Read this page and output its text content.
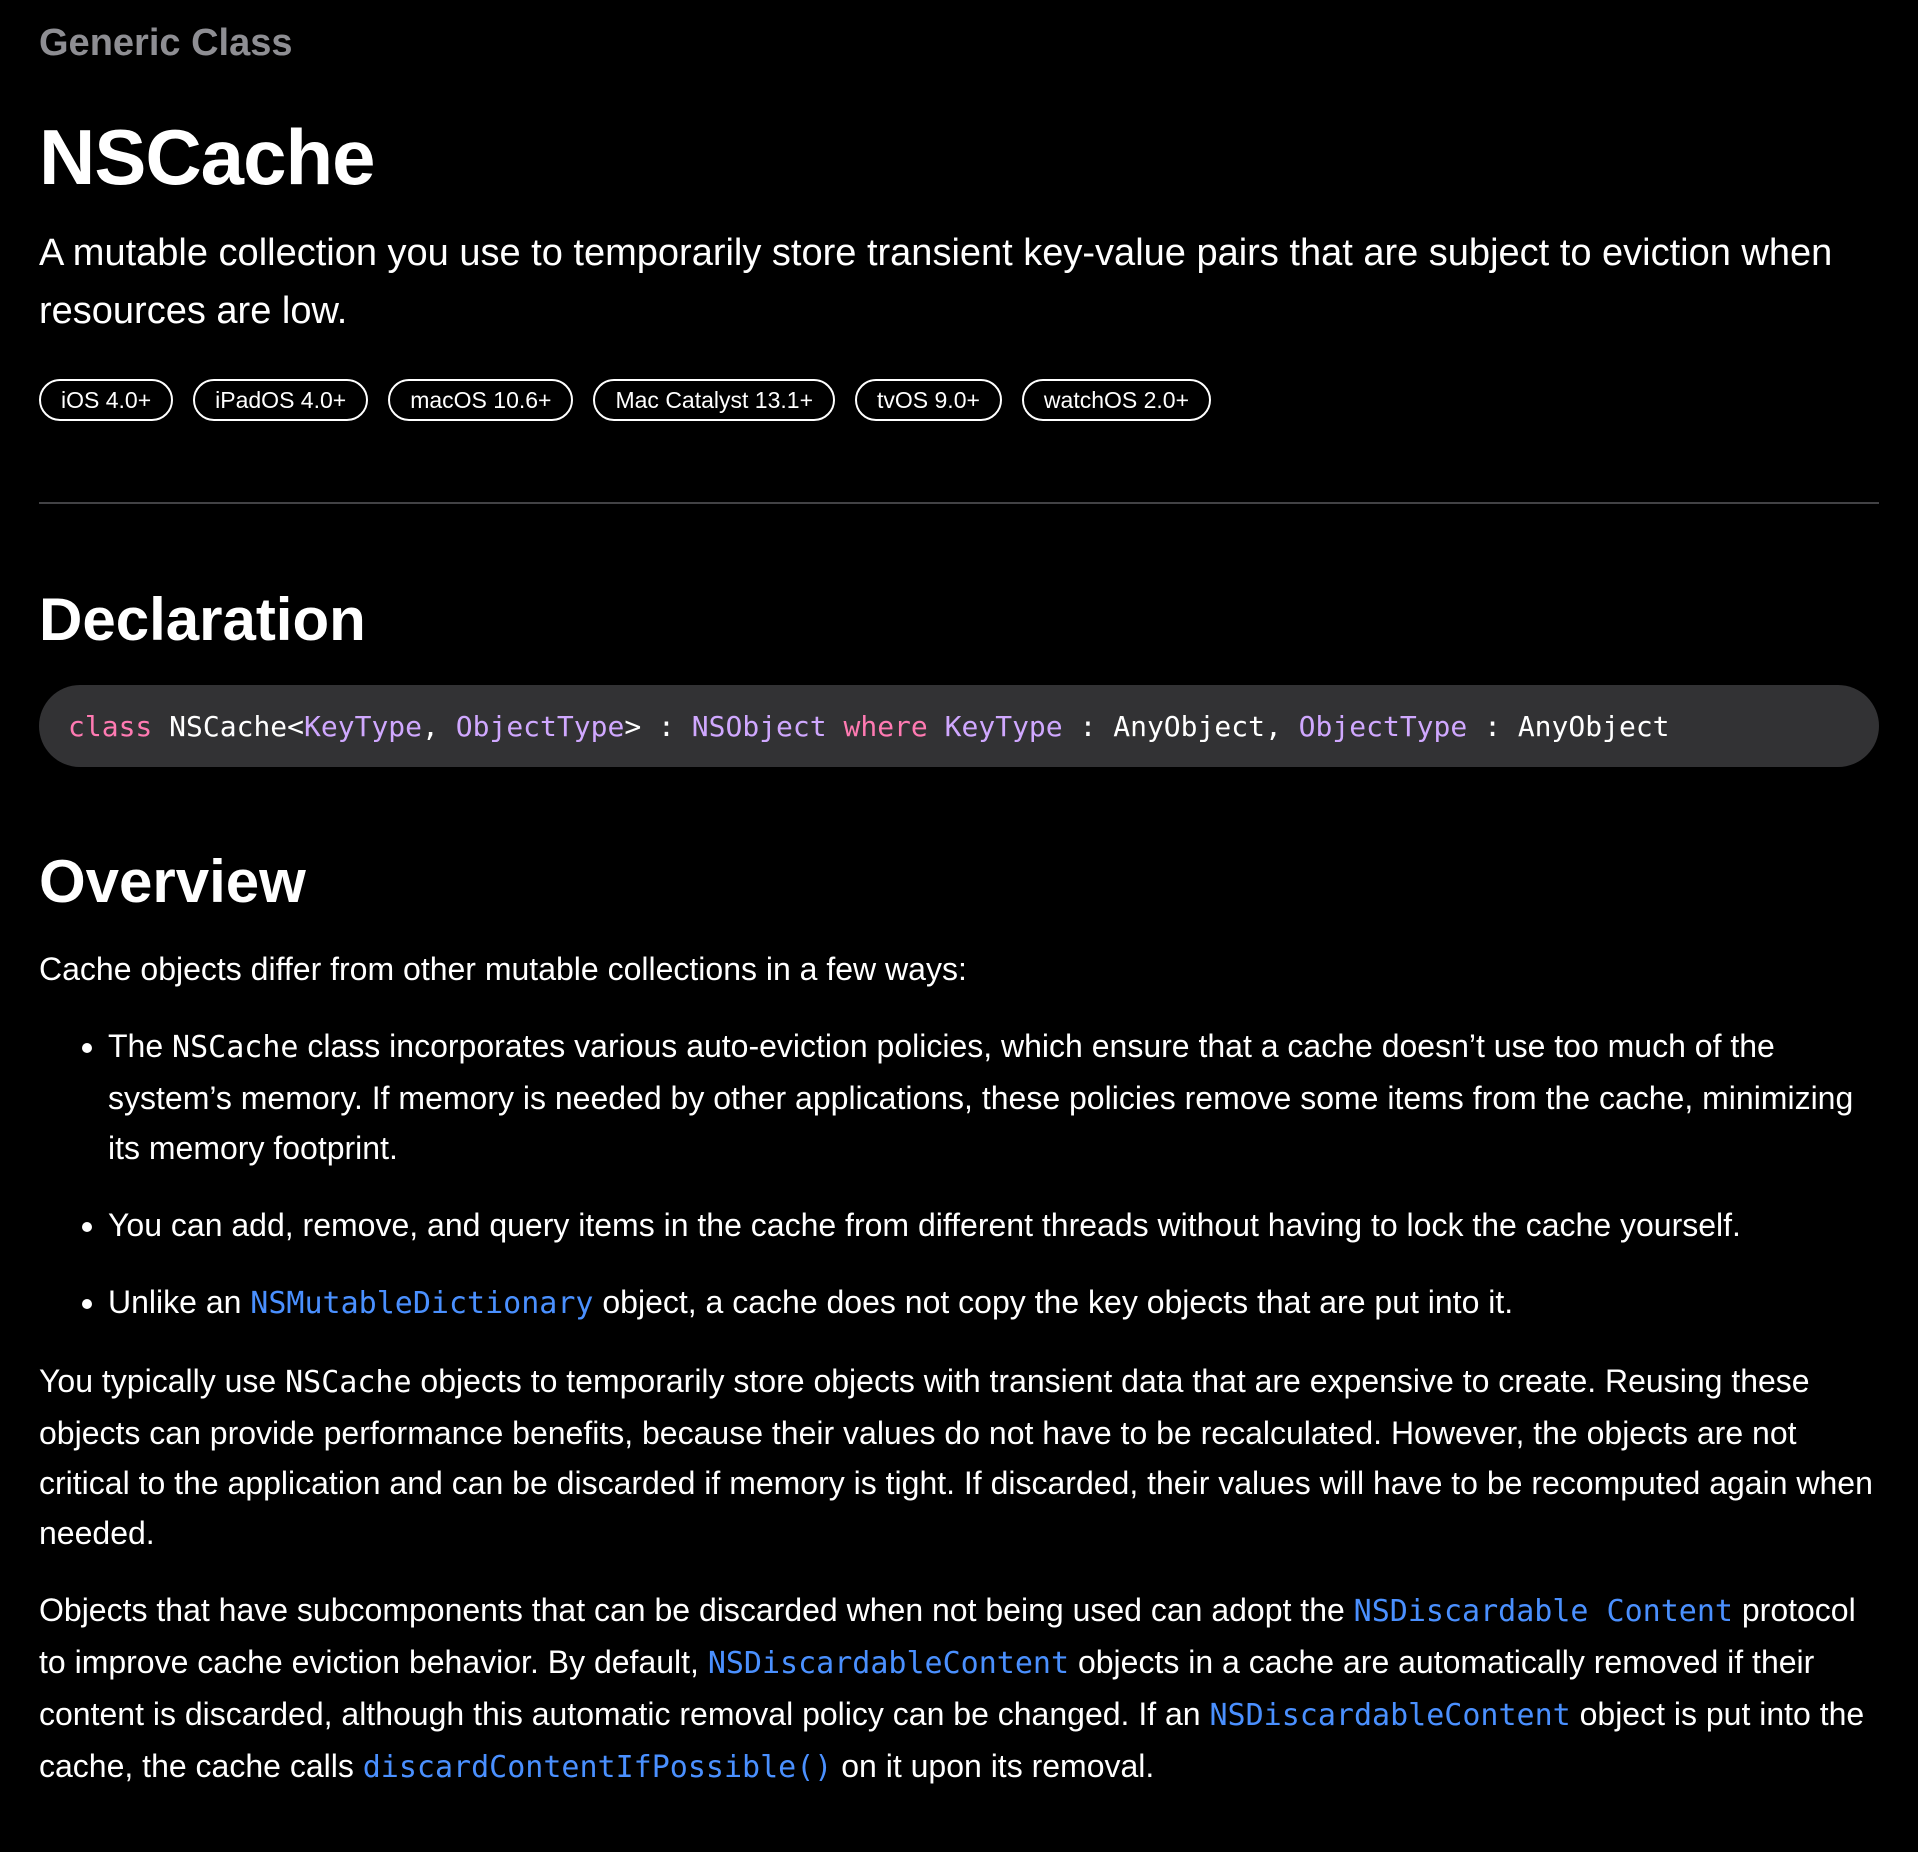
Generic Class
NSCache
A mutable collection you use to temporarily store transient key-value pairs that are subject to eviction when resources are low.
iOS 4.0+	iPadOS 4.0+	macOS 10.6+	Mac Catalyst 13.1+	tvOS 9.0+	watchOS 2.0+
Declaration
class NSCache< KeyType , ObjectType > : NSObject
where
KeyType : AnyObject, ObjectType : AnyObject
Overview

Cache objects differ from other mutable collections in a few ways:

• The NSCache class incorporates various auto-eviction policies, which ensure that a cache doesn’t use too much of the system’s memory. If memory is needed by other applications, these policies remove some items from the cache, minimizing its memory footprint.
• You can add, remove, and query items in the cache from different threads without having to lock the cache yourself.
• Unlike an NSMutableDictionary object, a cache does not copy the key objects that are put into it.

You typically use NSCache objects to temporarily store objects with transient data that are expensive to create. Reusing these objects can provide performance benefits, because their values do not have to be recalculated. However, the objects are not critical to the application and can be discarded if memory is tight. If discarded, their values will have to be recomputed again when needed.

Objects that have subcomponents that can be discarded when not being used can adopt the NSDiscardable Content protocol to improve cache eviction behavior. By default, NSDiscardableContent objects in a cache are automatically removed if their content is discarded, although this automatic removal policy can be changed. If an NSDiscardableContent object is put into the cache, the cache calls discardContentIfPossible() on it upon its removal.
